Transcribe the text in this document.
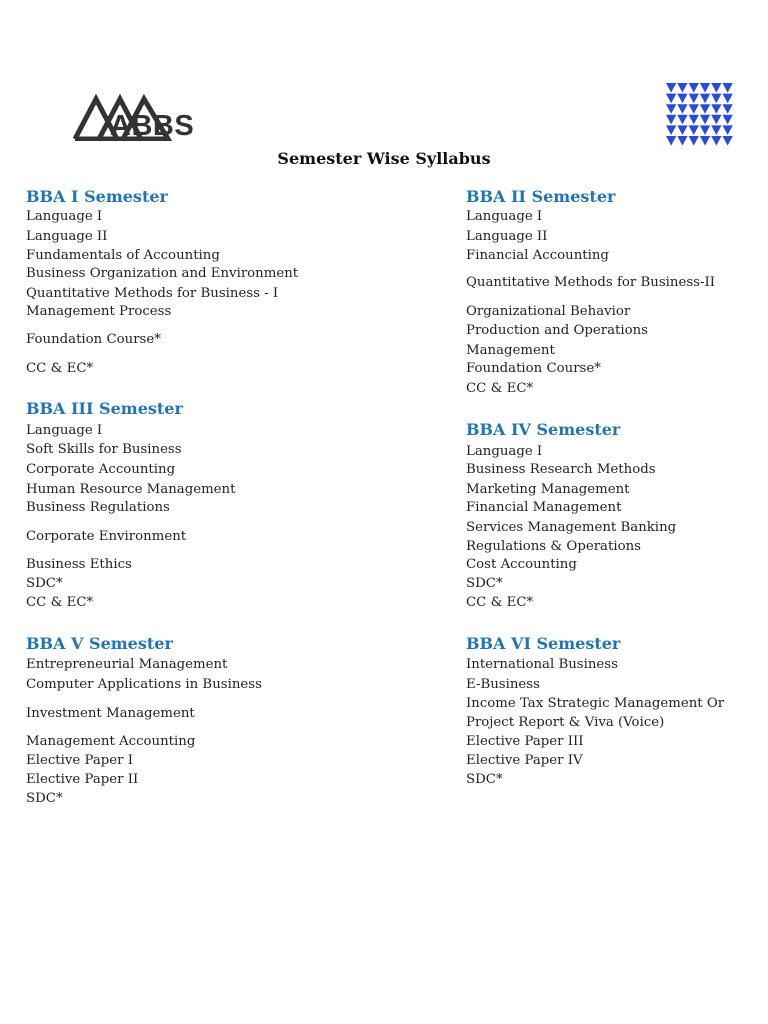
ABBS
Semester Wise Syllabus
BBA I Semester
Language I
Language II
Fundamentals of Accounting
Business Organization and Environment
Quantitative Methods for Business - I
Management Process
Foundation Course*
CC & EC*
BBA II Semester
Language I
Language II
Financial Accounting
Quantitative Methods for Business-II
Organizational Behavior
Production and Operations
Management
Foundation Course*
CC & EC*
BBA III Semester
Language I
Soft Skills for Business
Corporate Accounting
Human Resource Management
Business Regulations
Corporate Environment
Business Ethics
SDC*
CC & EC*
BBA IV Semester
Language I
Business Research Methods
Marketing Management
Financial Management
Services Management Banking
Regulations & Operations
Cost Accounting
SDC*
CC & EC*
BBA V Semester
Entrepreneurial Management
Computer Applications in Business
Investment Management
Management Accounting
Elective Paper I
Elective Paper II
SDC*
BBA VI Semester
International Business
E-Business
Income Tax Strategic Management Or
Project Report & Viva (Voice)
Elective Paper III
Elective Paper IV
SDC*
